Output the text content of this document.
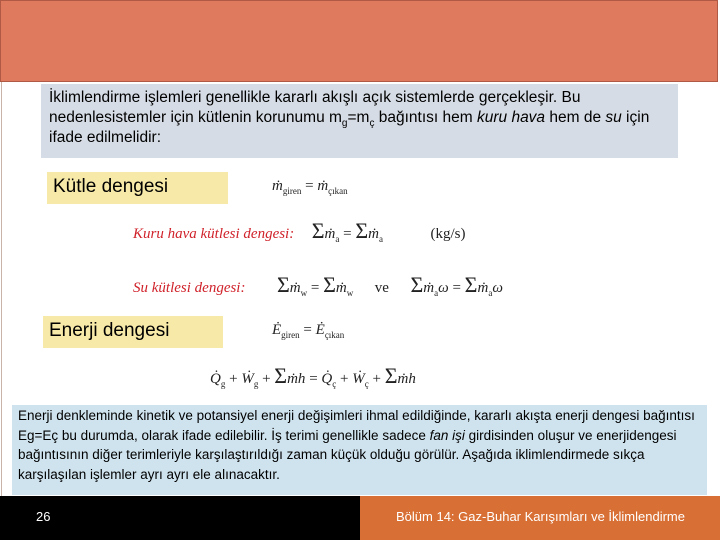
İklimlendirme işlemleri genellikle kararlı akışlı açık sistemlerde gerçekleşir. Bu nedenlesistemler için kütlenin korunumu $m_g=m_ç$ bağıntısı hem kuru hava hem de su için ifade edilmelidir:
Kütle dengesi	ṁ$_{giren}$ = ṁ$_{çıkan}$
Kuru hava kütlesi dengesi: Σṁ$_a$ = Σṁ$_a$	(kg/s)
Su kütlesi dengesi: Σṁ$_w$ = Σṁ$_w$ ve Σṁ$_a$ω = Σṁ$_a$ω
Enerji dengesi	$Ė_{giren}$ = $Ė_{çıkan}$
$Q̇_g$ + Ẇ$_g$ + Σṁh = $Q̇_ç$ + Ẇ$_ç$ + Σṁh
Enerji denkleminde kinetik ve potansiyel enerji değişimleri ihmal edildiğinde, kararlı akışta enerji dengesi bağıntısı Eg=Eç bu durumda, olarak ifade edilebilir. İş terimi genellikle sadece fan işi girdisinden oluşur ve enerjidengesi bağıntısının diğer terimleriyle karşılaştırıldığı zaman küçük olduğu görülür. Aşağıda iklimlendirmede sıkça karşılaşılan işlemler ayrı ayrı ele alınacaktır.
26	Bölüm 14: Gaz-Buhar Karışımları ve İklimlendirme
